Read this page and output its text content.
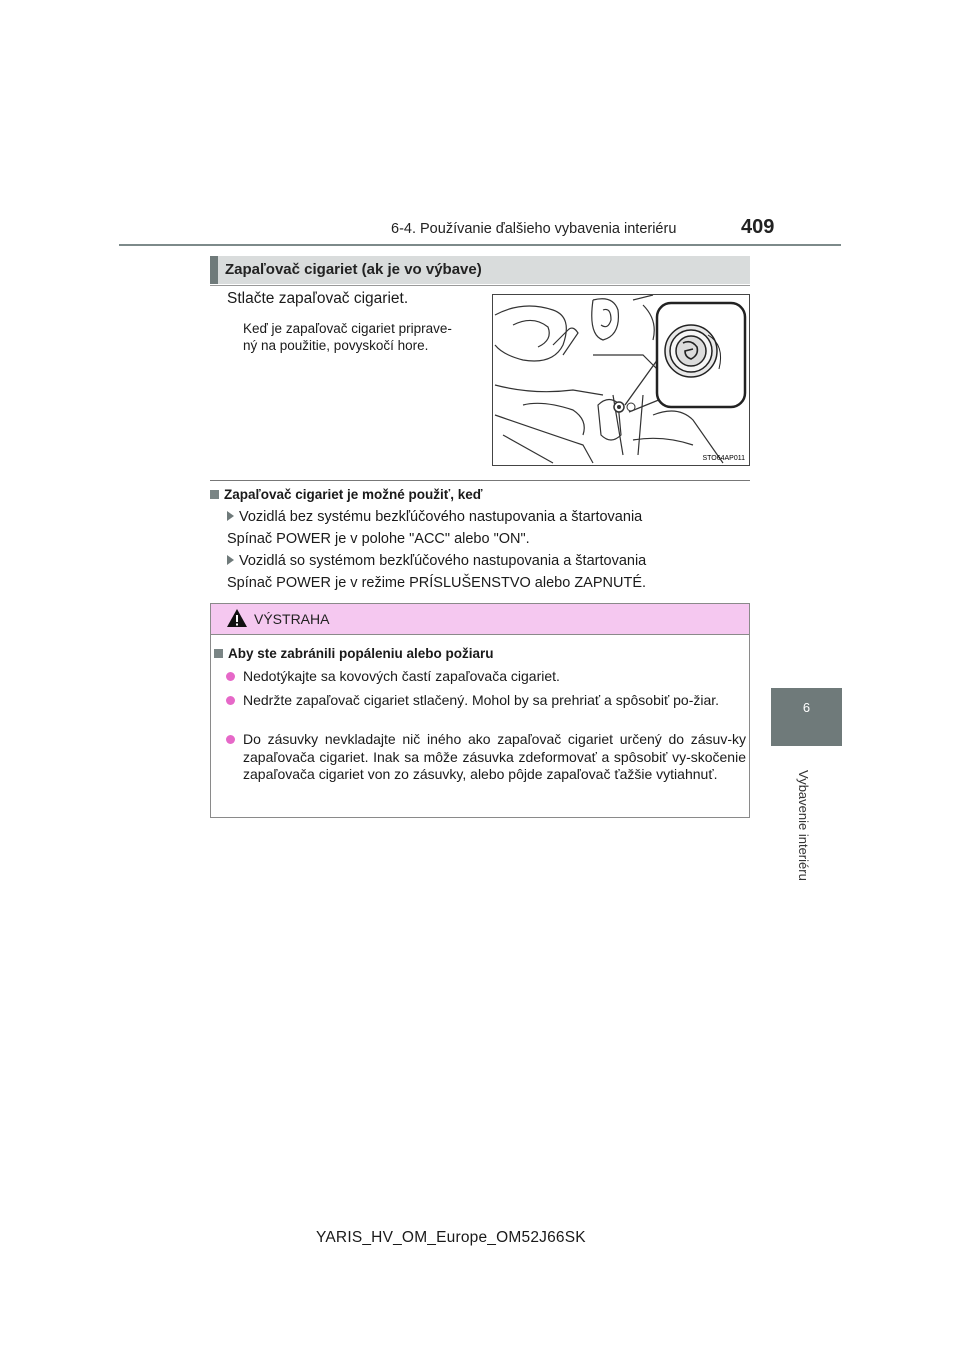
6-4. Používanie ďalšieho vybavenia interiéru	409
6
Vybavenie interiéru
Zapaľovač cigariet (ak je vo výbave)
Stlačte zapaľovač cigariet.
Keď je zapaľovač cigariet priprave-
ný na použitie, povyskočí hore.
STO64AP011
Zapaľovač cigariet je možné použiť, keď
Vozidlá bez systému bezkľúčového nastupovania a štartovania
Spínač POWER je v polohe "ACC" alebo "ON".
Vozidlá so systémom bezkľúčového nastupovania a štartovania
Spínač POWER je v režime PRÍSLUŠENSTVO alebo ZAPNUTÉ.
VÝSTRAHA
Aby ste zabránili popáleniu alebo požiaru
Nedotýkajte sa kovových častí zapaľovača cigariet.
Nedržte zapaľovač cigariet stlačený. Mohol by sa prehriať a spôsobiť po-žiar.
Do zásuvky nevkladajte nič iného ako zapaľovač cigariet určený do zásuv-ky zapaľovača cigariet. Inak sa môže zásuvka zdeformovať a spôsobiť vy-skočenie zapaľovača cigariet von zo zásuvky, alebo pôjde zapaľovač ťažšie vytiahnuť.
YARIS_HV_OM_Europe_OM52J66SK
